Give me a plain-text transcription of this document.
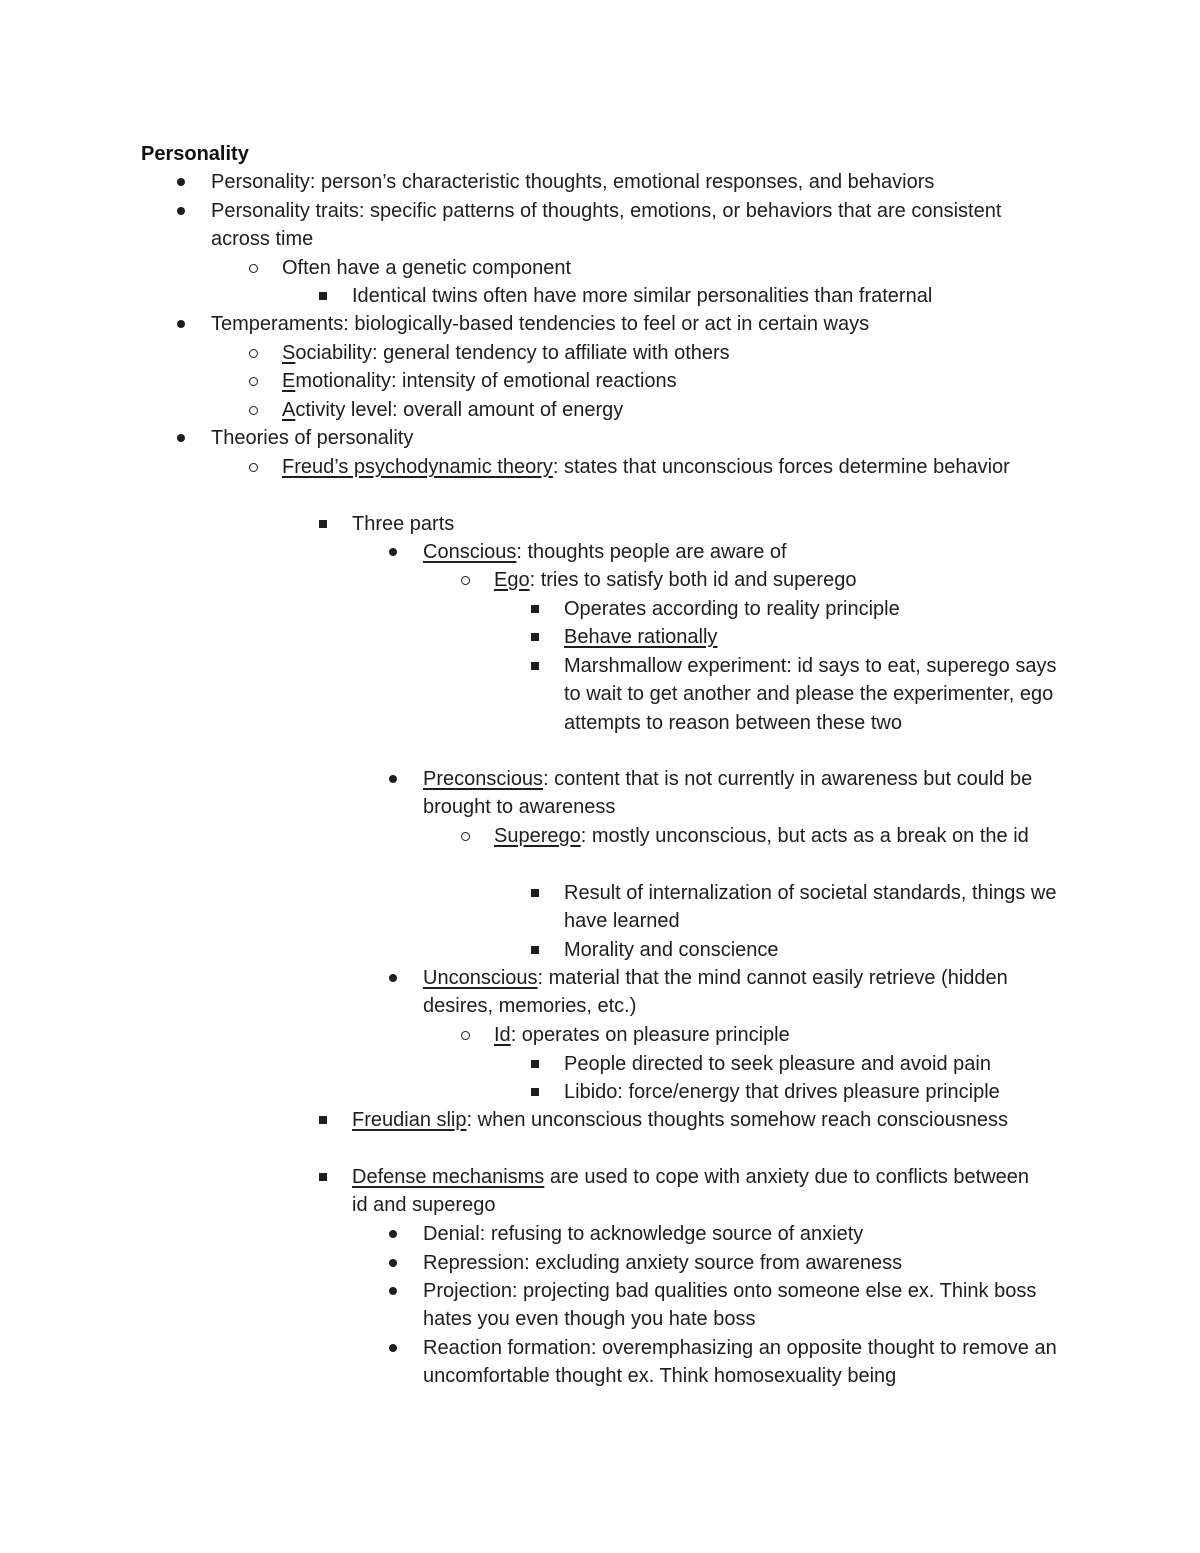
Personality
Personality: person’s characteristic thoughts, emotional responses, and behaviors
Personality traits: specific patterns of thoughts, emotions, or behaviors that are consistent across time
Often have a genetic component
Identical twins often have more similar personalities than fraternal
Temperaments: biologically-based tendencies to feel or act in certain ways
Sociability: general tendency to affiliate with others
Emotionality: intensity of emotional reactions
Activity level: overall amount of energy
Theories of personality
Freud’s psychodynamic theory: states that unconscious forces determine behavior
Three parts
Conscious: thoughts people are aware of
Ego: tries to satisfy both id and superego
Operates according to reality principle
Behave rationally
Marshmallow experiment: id says to eat, superego says to wait to get another and please the experimenter, ego attempts to reason between these two
Preconscious: content that is not currently in awareness but could be brought to awareness
Superego: mostly unconscious, but acts as a break on the id
Result of internalization of societal standards, things we have learned
Morality and conscience
Unconscious: material that the mind cannot easily retrieve (hidden desires, memories, etc.)
Id: operates on pleasure principle
People directed to seek pleasure and avoid pain
Libido: force/energy that drives pleasure principle
Freudian slip: when unconscious thoughts somehow reach consciousness
Defense mechanisms are used to cope with anxiety due to conflicts between id and superego
Denial: refusing to acknowledge source of anxiety
Repression: excluding anxiety source from awareness
Projection: projecting bad qualities onto someone else ex. Think boss hates you even though you hate boss
Reaction formation: overemphasizing an opposite thought to remove an uncomfortable thought ex. Think homosexuality being
